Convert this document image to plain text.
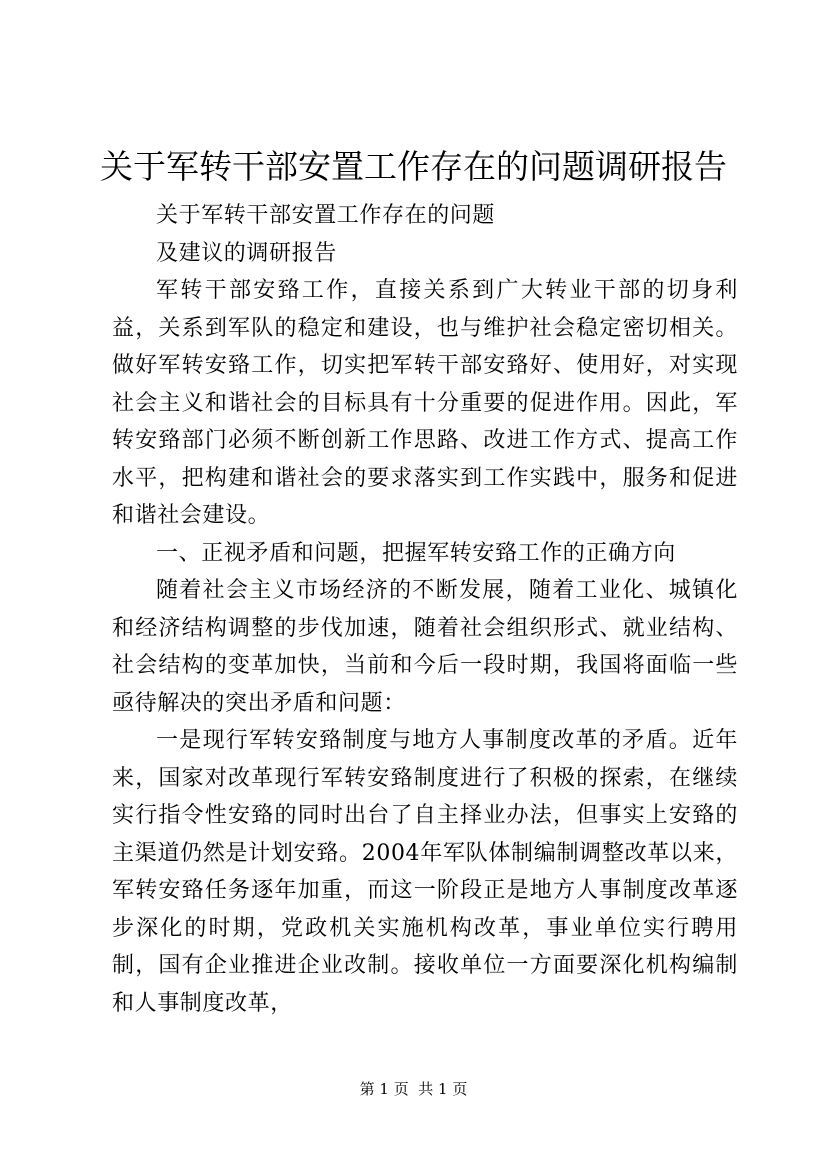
关于军转干部安置工作存在的问题调研报告

关于军转干部安置工作存在的问题

及建议的调研报告

军转干部安臵工作，直接关系到广大转业干部的切身利益，关系到军队的稳定和建设，也与维护社会稳定密切相关。做好军转安臵工作，切实把军转干部安臵好、使用好，对实现社会主义和谐社会的目标具有十分重要的促进作用。因此，军转安臵部门必须不断创新工作思路、改进工作方式、提高工作水平，把构建和谐社会的要求落实到工作实践中，服务和促进和谐社会建设。

一、正视矛盾和问题，把握军转安臵工作的正确方向

随着社会主义市场经济的不断发展，随着工业化、城镇化和经济结构调整的步伐加速，随着社会组织形式、就业结构、社会结构的变革加快，当前和今后一段时期，我国将面临一些亟待解决的突出矛盾和问题：

一是现行军转安臵制度与地方人事制度改革的矛盾。近年来，国家对改革现行军转安臵制度进行了积极的探索，在继续实行指令性安臵的同时出台了自主择业办法，但事实上安臵的主渠道仍然是计划安臵。2004年军队体制编制调整改革以来，军转安臵任务逐年加重，而这一阶段正是地方人事制度改革逐步深化的时期，党政机关实施机构改革，事业单位实行聘用制，国有企业推进企业改制。接收单位一方面要深化机构编制和人事制度改革，

第 1 页  共 1 页
